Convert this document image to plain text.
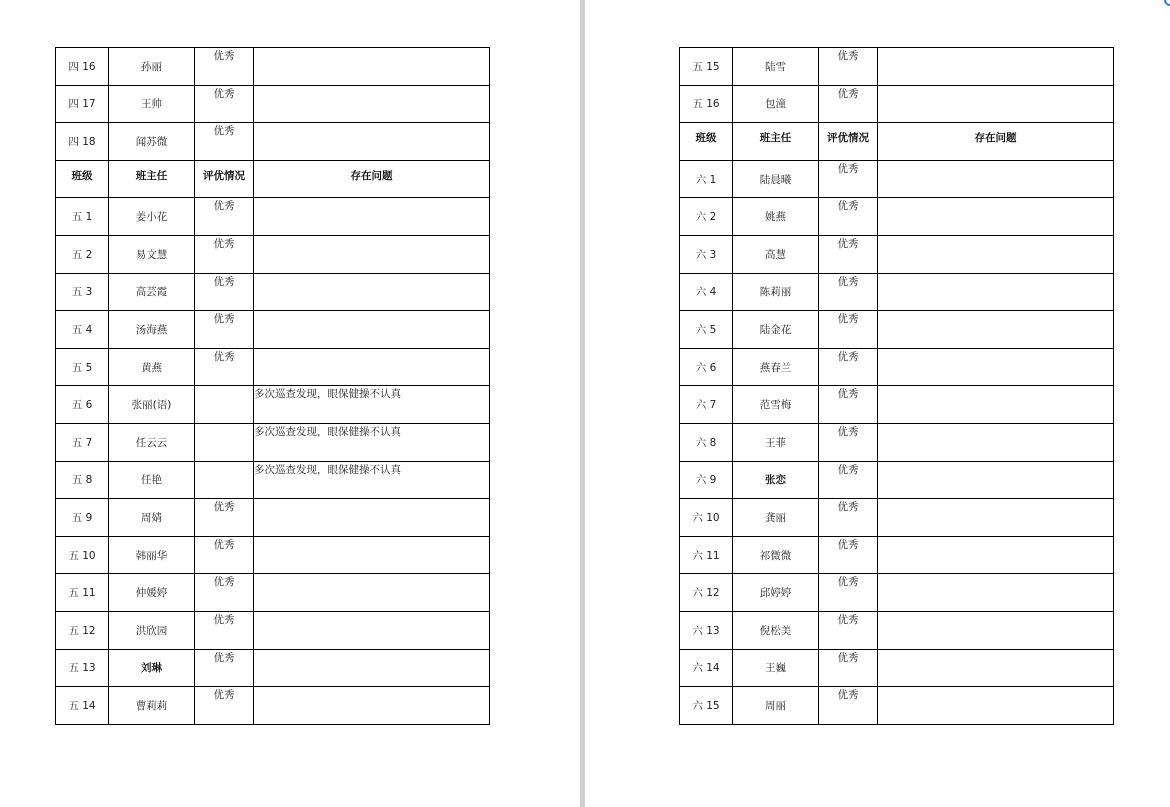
四 16	孙丽	优秀	
四 17	王帅	优秀	
四 18	闻苏微	优秀	
班级	班主任	评优情况	存在问题
五 1	姜小花	优秀	
五 2	易文慧	优秀	
五 3	高芸霞	优秀	
五 4	汤海燕	优秀	
五 5	黄燕	优秀	
五 6	张丽(语)		多次巡查发现，眼保健操不认真
五 7	任云云		多次巡查发现，眼保健操不认真
五 8	任艳		多次巡查发现，眼保健操不认真
五 9	周婧	优秀	
五 10	韩丽华	优秀	
五 11	仲媛婷	优秀	
五 12	洪欣园	优秀	
五 13	刘琳	优秀	
五 14	曹莉莉	优秀	
五 15	陆雪	优秀	
五 16	包潼	优秀	
班级	班主任	评优情况	存在问题
六 1	陆晨曦	优秀	
六 2	姚燕	优秀	
六 3	高慧	优秀	
六 4	陈莉丽	优秀	
六 5	陆金花	优秀	
六 6	燕春兰	优秀	
六 7	范雪梅	优秀	
六 8	王菲	优秀	
六 9	张恋	优秀	
六 10	龚丽	优秀	
六 11	祁微微	优秀	
六 12	邱婷婷	优秀	
六 13	倪松美	优秀	
六 14	王巍	优秀	
六 15	周丽	优秀	
